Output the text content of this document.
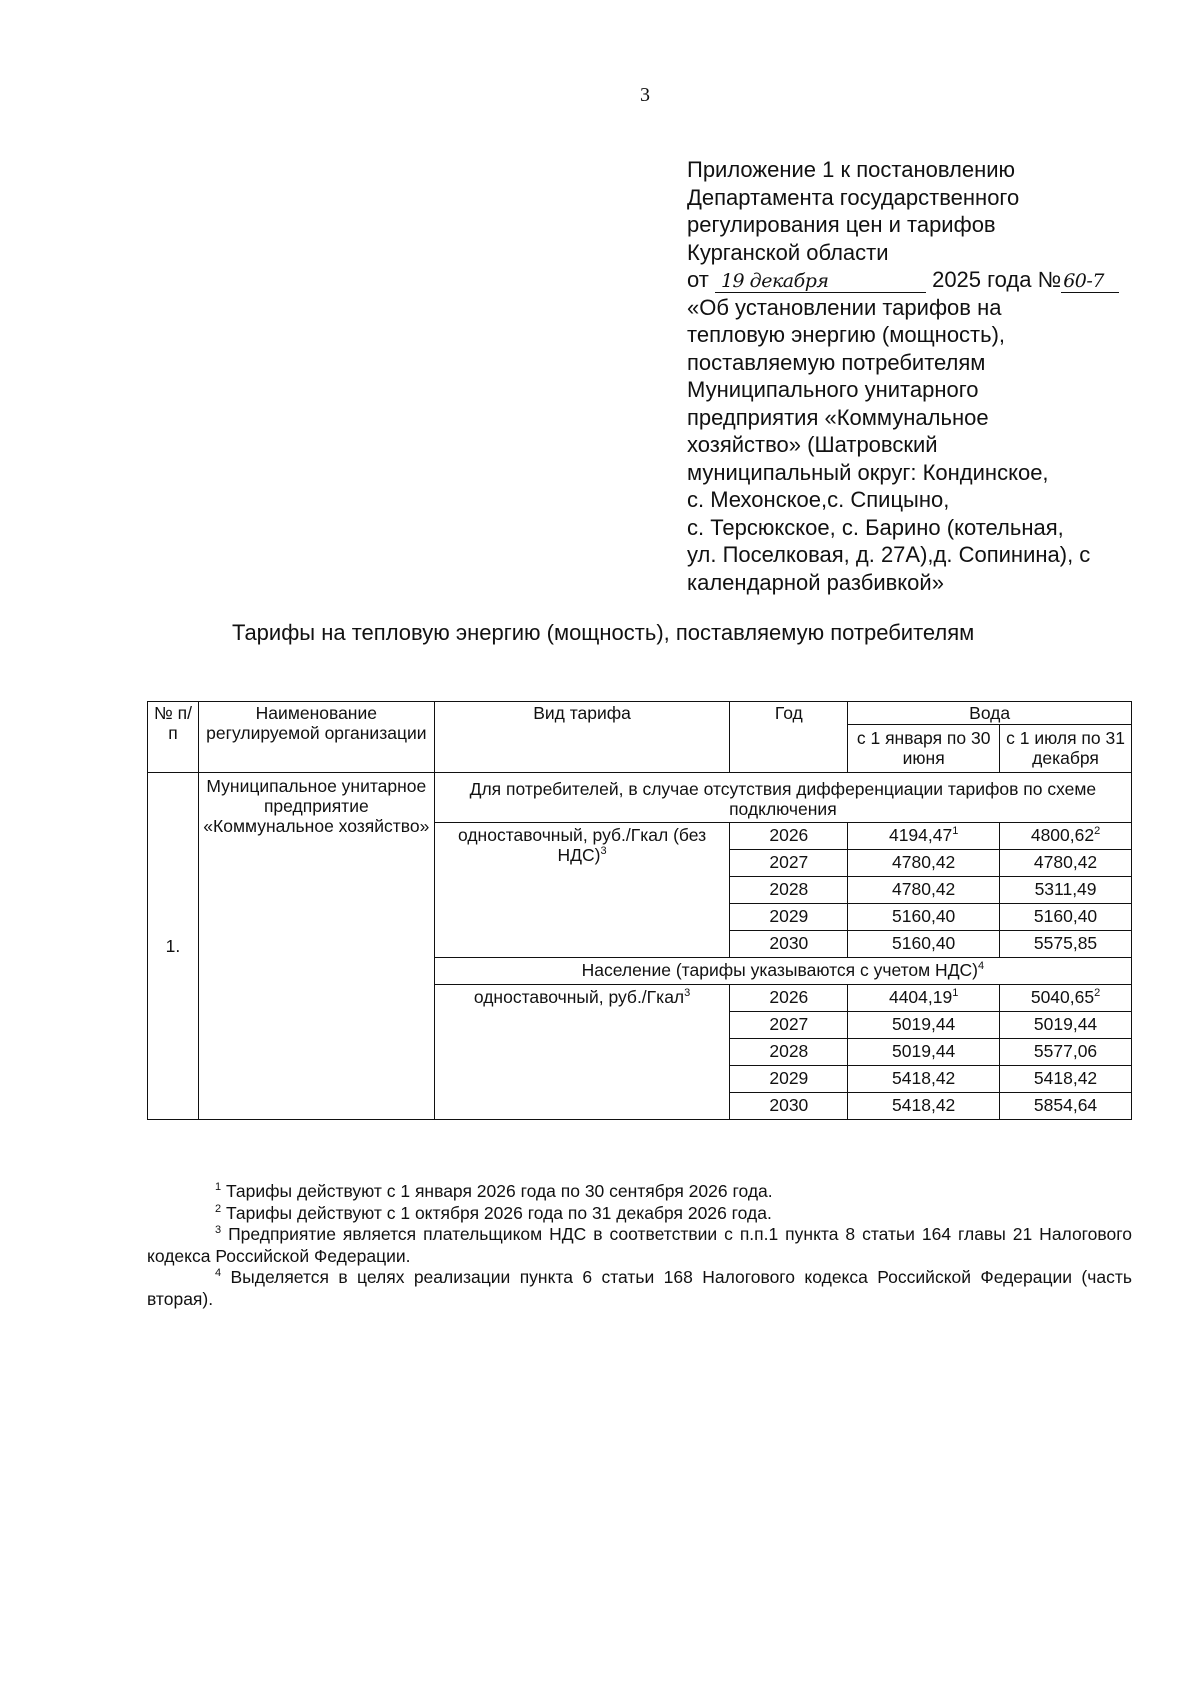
3
Приложение 1 к постановлению
Департамента государственного
регулирования цен и тарифов
Курганской области
от 19 декабря	2025 года № 60-7
«Об установлении тарифов на
тепловую энергию (мощность),
поставляемую потребителям
Муниципального унитарного
предприятия «Коммунальное
хозяйство» (Шатровский
муниципальный округ: Кондинское,
с. Мехонское,с. Спицыно,
с. Терсюкское, с. Барино (котельная,
ул. Поселковая, д. 27А),д. Сопинина), с
календарной разбивкой»
Тарифы на тепловую энергию (мощность), поставляемую потребителям
№ п/п	Наименование регулируемой организации	Вид тарифа	Год	Вода	
				с 1 января по 30 июня	с 1 июля по 31 декабря
1.	Муниципальное унитарное предприятие «Коммунальное хозяйство»	Для потребителей, в случае отсутствия дифференциации тарифов по схеме подключения			
		одноставочный, руб./Гкал (без НДС)$^3$	2026	4194,47$^1$	4800,62$^2$
			2027	4780,42	4780,42
			2028	4780,42	5311,49
			2029	5160,40	5160,40
			2030	5160,40	5575,85
		Население (тарифы указываются с учетом НДС)$^4$
		одноставочный, руб./Гкал$^3$	2026	4404,19$^1$	5040,65$^2$
			2027	5019,44	5019,44
			2028	5019,44	5577,06
			2029	5418,42	5418,42
			2030	5418,42	5854,64

$^1$ Тарифы действуют с 1 января 2026 года по 30 сентября 2026 года.

$^2$ Тарифы действуют с 1 октября 2026 года по 31 декабря 2026 года.

$^3$ Предприятие является плательщиком НДС в соответствии с п.п.1 пункта 8 статьи 164 главы 21 Налогового кодекса Российской Федерации.

$^4$ Выделяется в целях реализации пункта 6 статьи 168 Налогового кодекса Российской Федерации (часть вторая).
